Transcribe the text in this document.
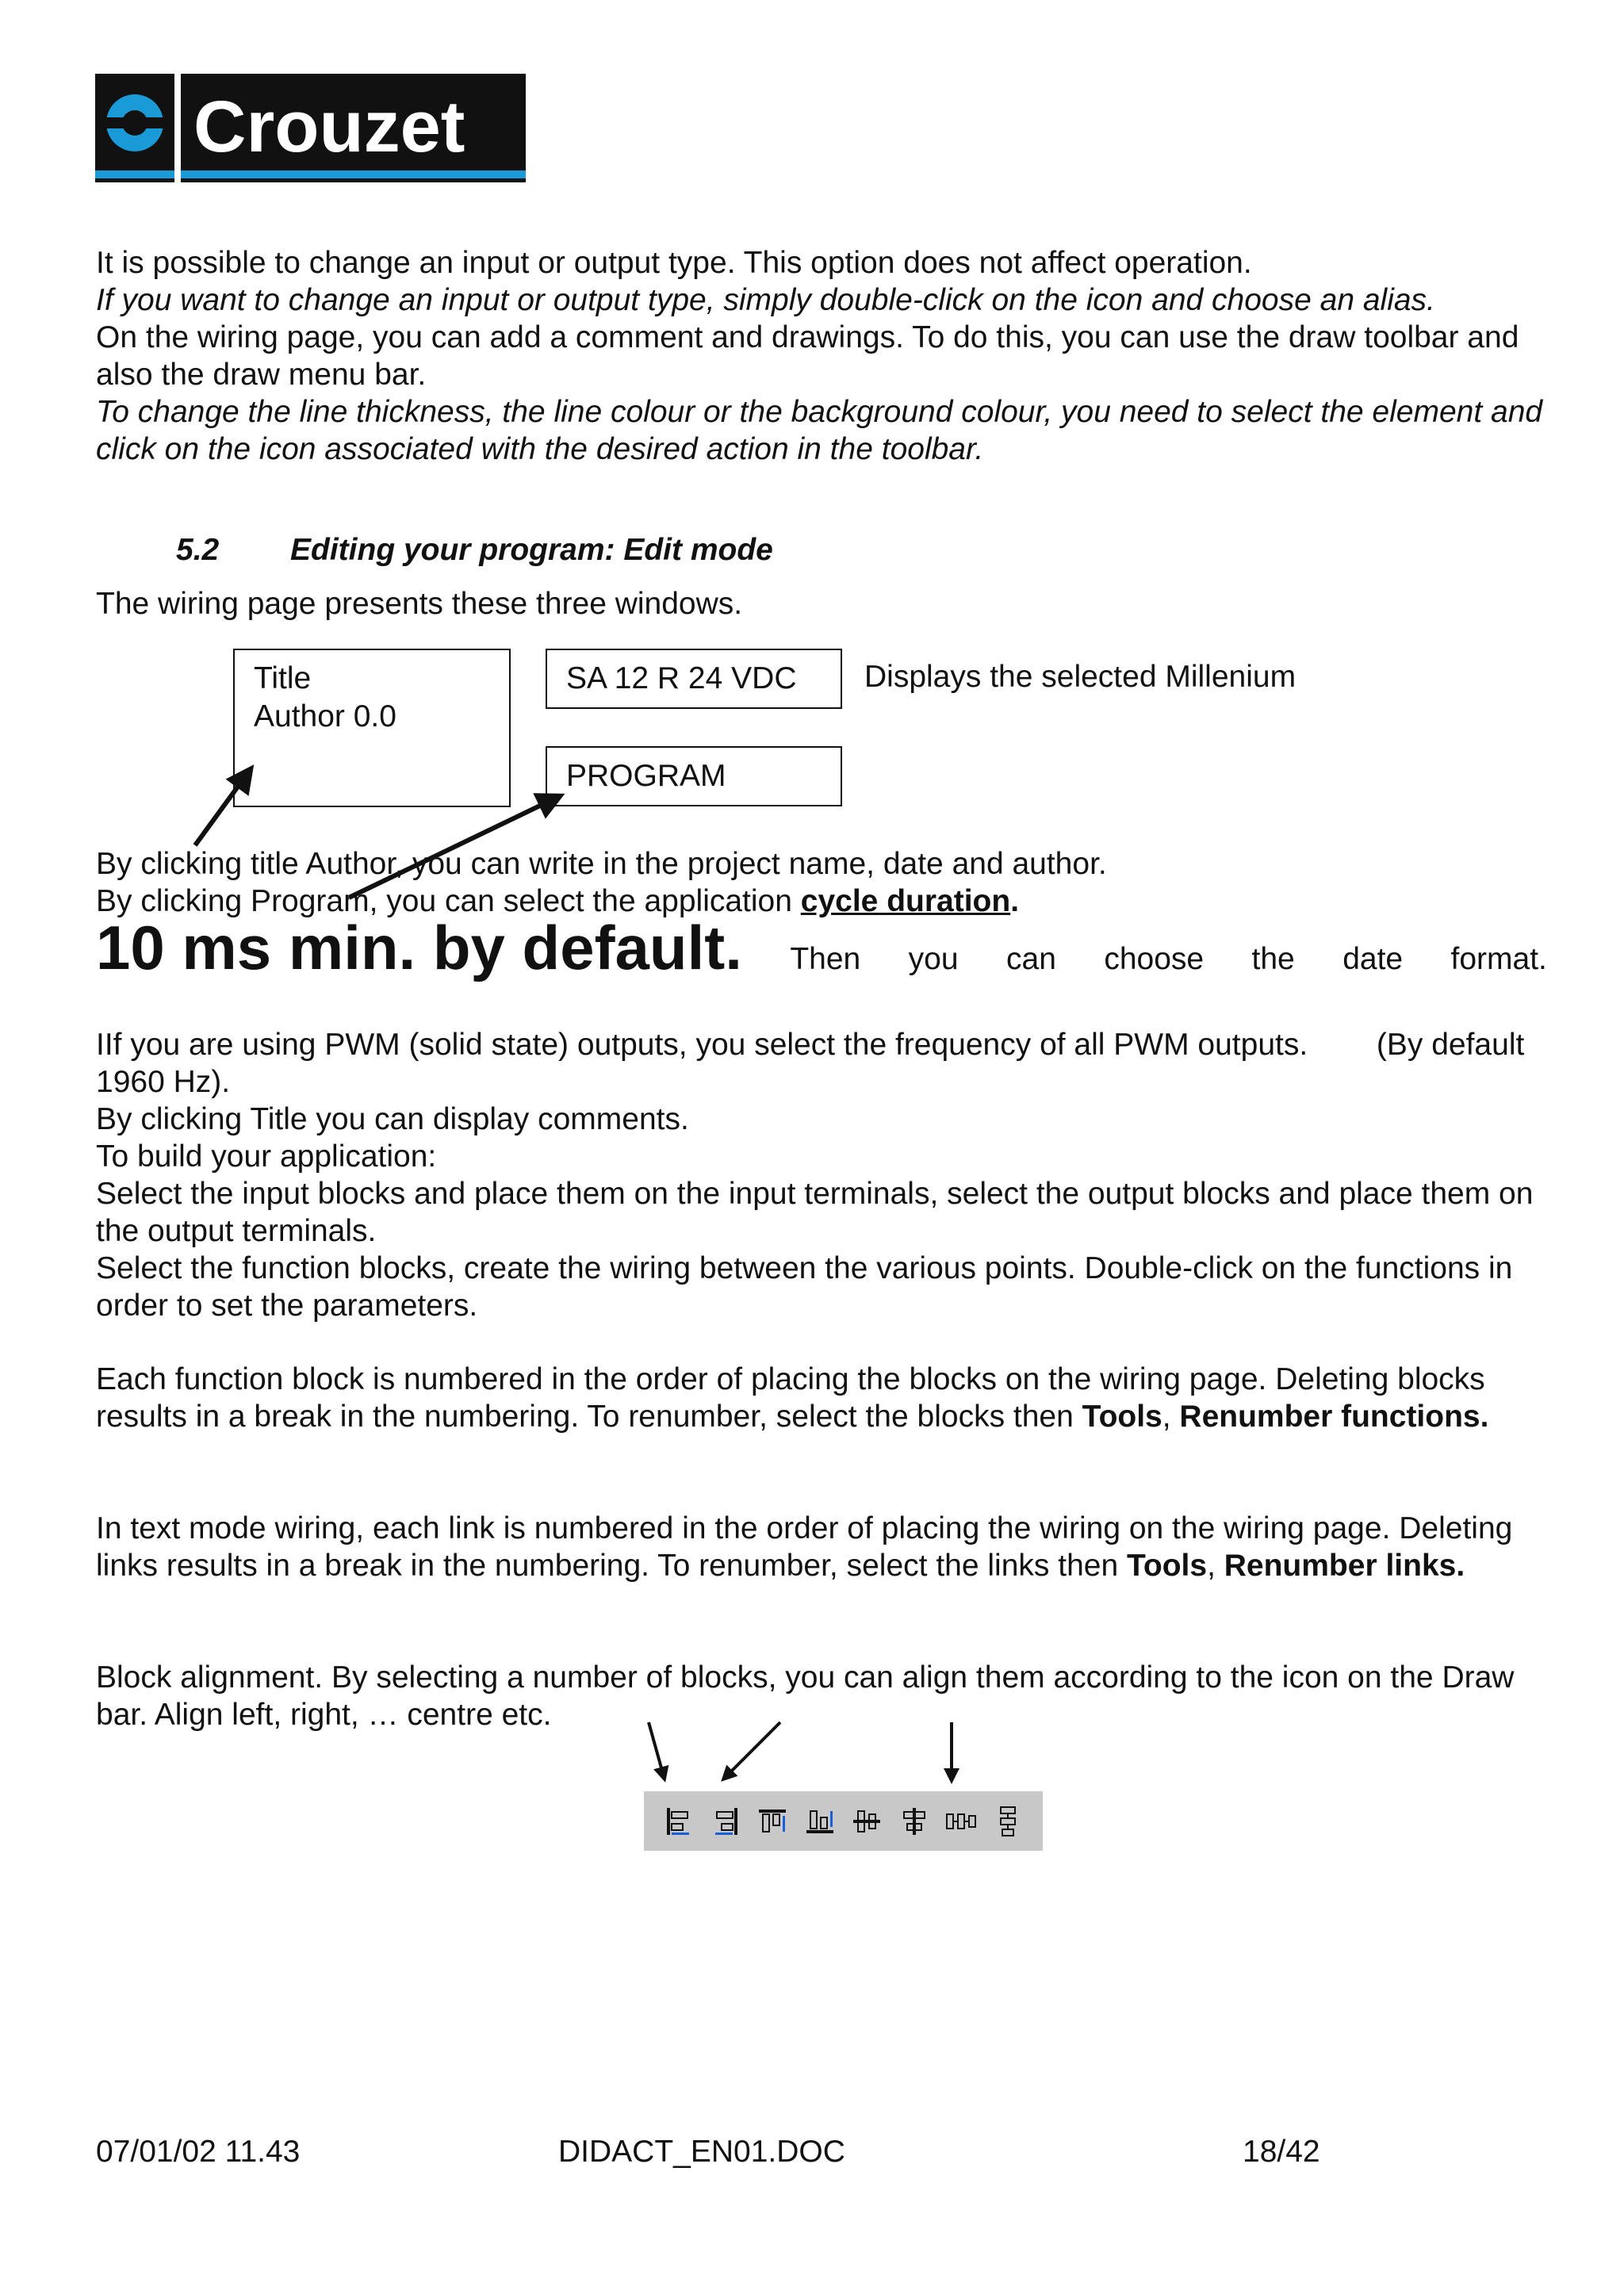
Crouzet
It is possible to change an input or output type. This option does not affect operation.
If you want to change an input or output type, simply double-click on the icon and choose an alias.
On the wiring page, you can add a comment and drawings. To do this, you can use the draw toolbar and also the draw menu bar.
To change the line thickness, the line colour or the background colour, you need to select the element and click on the icon associated with the desired action in the toolbar.
5.2 Editing your program: Edit mode
The wiring page presents these three windows.
Title
Author 0.0
SA 12 R 24 VDC	Displays the selected Millenium
PROGRAM
By clicking title Author, you can write in the project name, date and author.
By clicking Program, you can select the application cycle duration.
10 ms min. by default. Then you can choose the date format.
IIf you are using PWM (solid state) outputs, you select the frequency of all PWM outputs.        (By default 1960 Hz).
By clicking Title you can display comments.
To build your application:
Select the input blocks and place them on the input terminals, select the output blocks and place them on the output terminals.
Select the function blocks, create the wiring between the various points. Double-click on the functions in order to set the parameters.
Each function block is numbered in the order of placing the blocks on the wiring page. Deleting blocks results in a break in the numbering. To renumber, select the blocks then Tools, Renumber functions.
In text mode wiring, each link is numbered in the order of placing the wiring on the wiring page. Deleting links results in a break in the numbering. To renumber, select the links then Tools, Renumber links.
Block alignment. By selecting a number of blocks, you can align them according to the icon on the Draw bar. Align left, right, … centre etc.
07/01/02 11.43	DIDACT_EN01.DOC	18/42
